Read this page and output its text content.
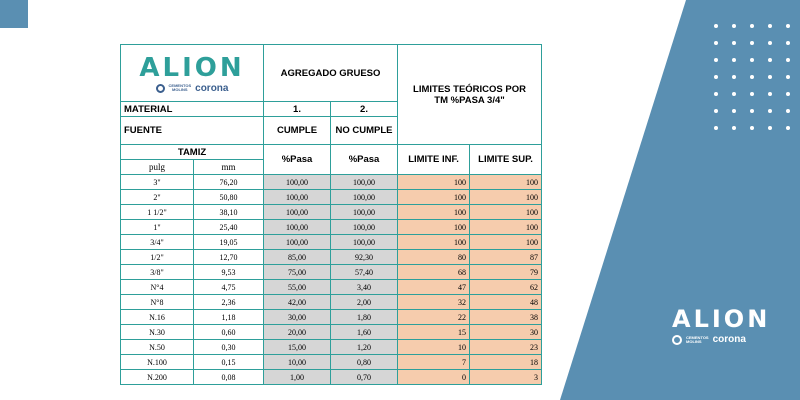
ALION
CEMENTOS
MOLINS	corona
ALION
CEMENTOS
MOLINS corona		AGREGADO GRUESO		LIMITES TEÓRICOS POR TM %PASA 3/4"	
MATERIAL		1.	2.		
FUENTE		CUMPLE	NO CUMPLE		
TAMIZ		%Pasa	%Pasa	LIMITE INF.	LIMITE SUP.
pulg	mm				
3"	76,20	100,00	100,00	100	100
2"	50,80	100,00	100,00	100	100
1 1/2"	38,10	100,00	100,00	100	100
1"	25,40	100,00	100,00	100	100
3/4"	19,05	100,00	100,00	100	100
1/2"	12,70	85,00	92,30	80	87
3/8"	9,53	75,00	57,40	68	79
N°4	4,75	55,00	3,40	47	62
N°8	2,36	42,00	2,00	32	48
N.16	1,18	30,00	1,80	22	38
N.30	0,60	20,00	1,60	15	30
N.50	0,30	15,00	1,20	10	23
N.100	0,15	10,00	0,80	7	18
N.200	0,08	1,00	0,70	0	3
